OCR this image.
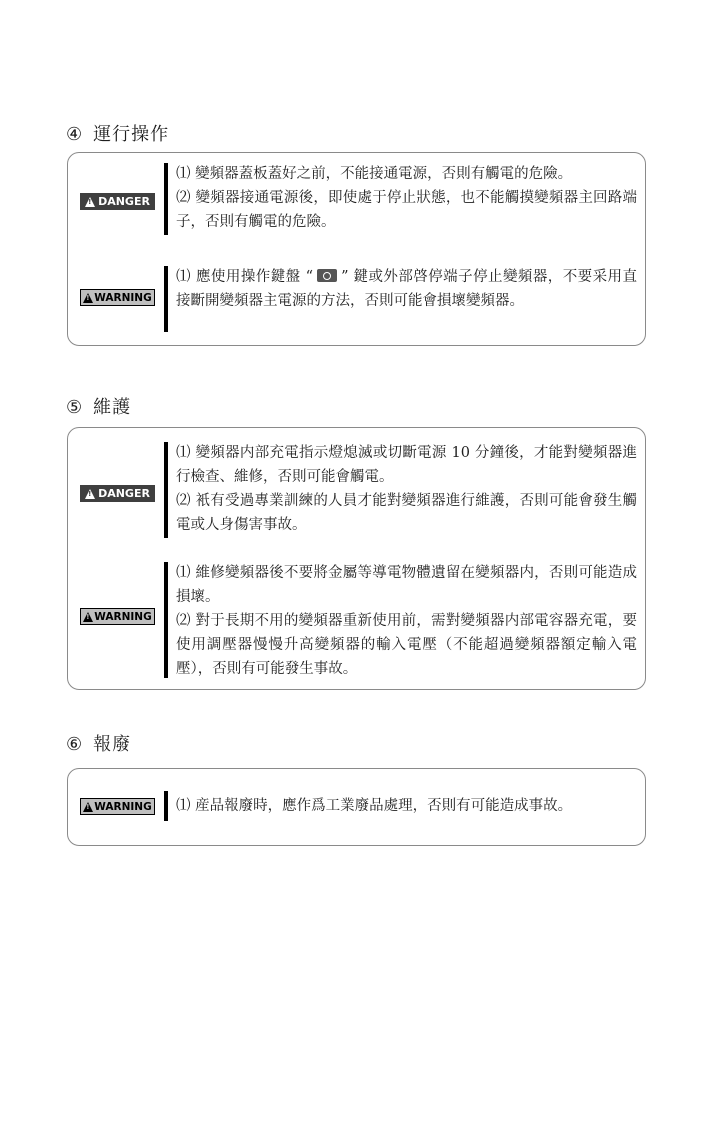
④ 運行操作
!
DANGER

⑴ 變頻器蓋板蓋好之前，不能接通電源，否則有觸電的危險。

⑵ 變頻器接通電源後，即使處于停止狀態，也不能觸摸變頻器主回路端子，否則有觸電的危險。

!
WARNING

⑴ 應使用操作鍵盤 “ ” 鍵或外部啓停端子停止變頻器，不要采用直接斷開變頻器主電源的方法，否則可能會損壞變頻器。

⑤ 維護
!
DANGER

⑴ 變頻器内部充電指示燈熄滅或切斷電源 10 分鐘後，才能對變頻器進行檢查、維修，否則可能會觸電。

⑵ 衹有受過專業訓練的人員才能對變頻器進行維護，否則可能會發生觸電或人身傷害事故。

!
WARNING

⑴ 維修變頻器後不要將金屬等導電物體遺留在變頻器内，否則可能造成損壞。

⑵ 對于長期不用的變頻器重新使用前，需對變頻器内部電容器充電，要使用調壓器慢慢升高變頻器的輸入電壓（不能超過變頻器額定輸入電壓），否則有可能發生事故。

⑥ 報廢
!
WARNING ⑴ 産品報廢時，應作爲工業廢品處理，否則有可能造成事故。
